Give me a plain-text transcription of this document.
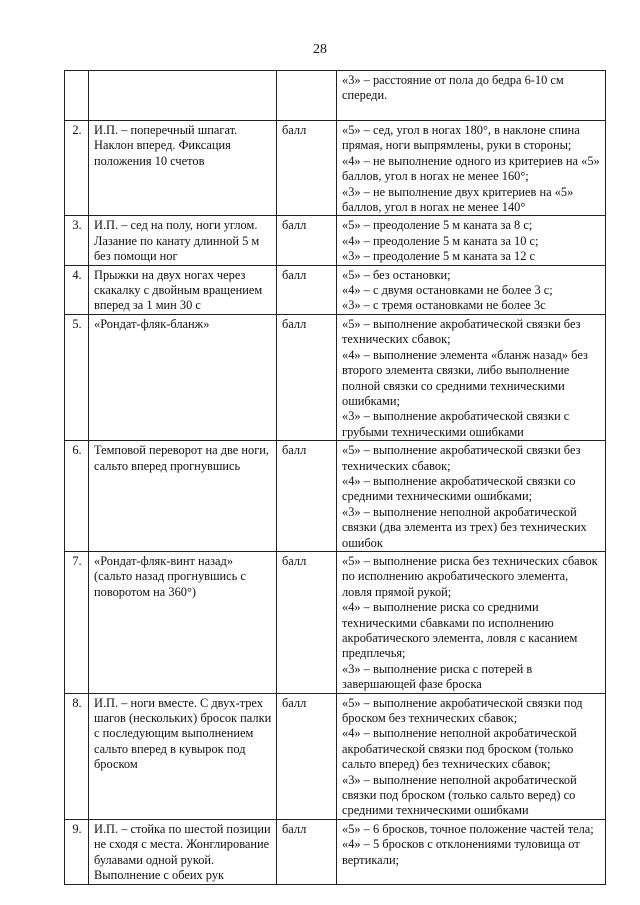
28

			«3» – расстояние от пола до бедра 6-10 см спереди.

2.	И.П. – поперечный шпагат. Наклон вперед. Фиксация положения 10 счетов	балл	«5» – сед, угол в ногах 180°, в наклоне спина прямая, ноги выпрямлены, руки в стороны;
«4» – не выполнение одного из критериев на «5» баллов, угол в ногах не менее 160°;
«3» – не выполнение двух критериев на «5» баллов, угол в ногах не менее 140°

3.	И.П. – сед на полу, ноги углом. Лазание по канату длинной 5 м без помощи ног	балл	«5» – преодоление 5 м каната за 8 с;
«4» – преодоление 5 м каната за 10 с;
«3» – преодоление 5 м каната за 12 с

4.	Прыжки на двух ногах через скакалку с двойным вращением вперед за 1 мин 30 с	балл	«5» – без остановки;
«4» – с двумя остановками не более 3 с;
«3» – с тремя остановками не более 3с

5.	«Рондат-фляк-бланж»	балл	«5» – выполнение акробатической связки без технических сбавок;
«4» – выполнение элемента «бланж назад» без второго элемента связки, либо выполнение полной связки со средними техническими ошибками;
«3» – выполнение акробатической связки с грубыми техническими ошибками

6.	Темповой переворот на две ноги, сальто вперед прогнувшись	балл	«5» – выполнение акробатической связки без технических сбавок;
«4» – выполнение акробатической связки со средними техническими ошибками;
«3» – выполнение неполной акробатической связки (два элемента из трех) без технических ошибок

7.	«Рондат-фляк-винт назад» (сальто назад прогнувшись с поворотом на 360°)	балл	«5» – выполнение риска без технических сбавок по исполнению акробатического элемента, ловля прямой рукой;
«4» – выполнение риска со средними техническими сбавками по исполнению акробатического элемента, ловля с касанием предплечья;
«3» – выполнение риска с потерей в завершающей фазе броска

8.	И.П. – ноги вместе. С двух-трех шагов (нескольких) бросок палки с последующим выполнением сальто вперед в кувырок под броском	балл	«5» – выполнение акробатической связки под броском без технических сбавок;
«4» – выполнение неполной акробатической акробатической связки под броском (только сальто вперед) без технических сбавок;
«3» – выполнение неполной акробатической связки под броском (только сальто веред) со средними техническими ошибками

9.	И.П. – стойка по шестой позиции не сходя с места. Жонглирование булавами одной рукой. Выполнение с обеих рук	балл	«5» – 6 бросков, точное положение частей тела;
«4» – 5 бросков с отклонениями туловища от вертикали;
